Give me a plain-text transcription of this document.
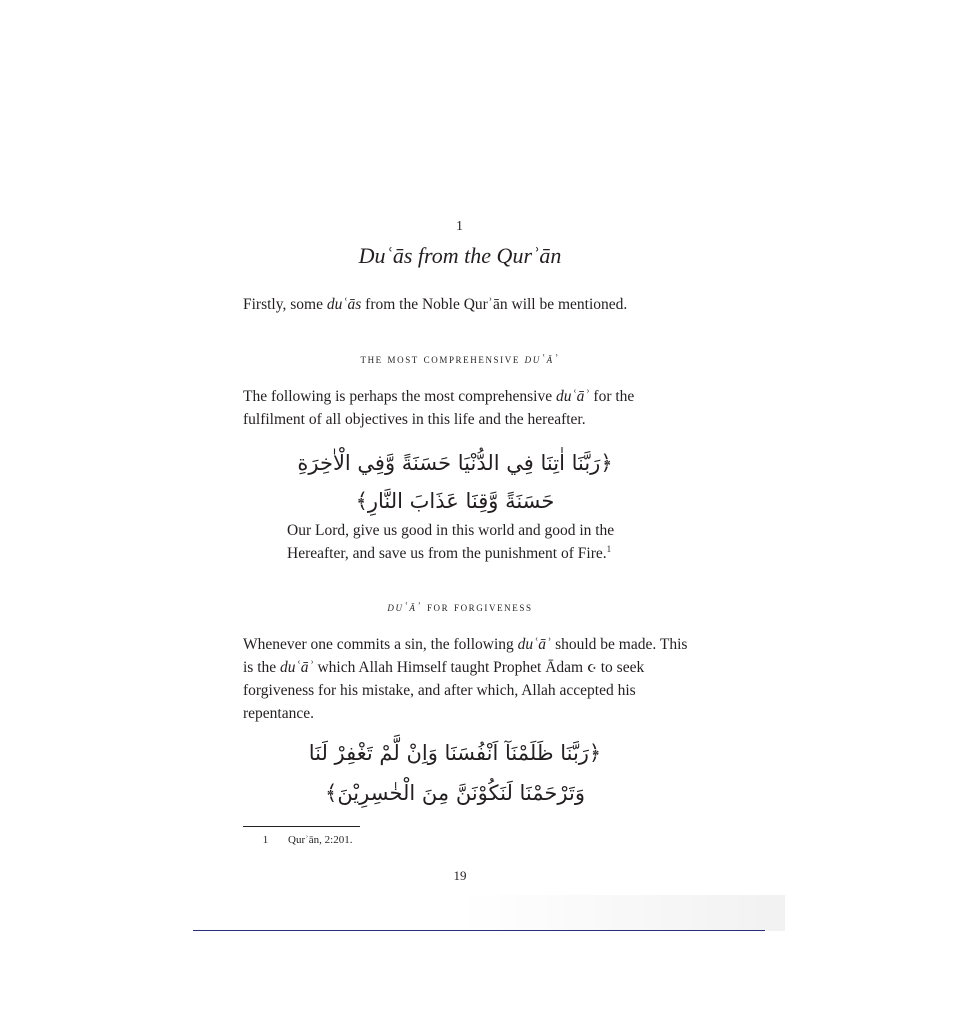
1
Duʿās from the Qurʾān

Firstly, some duʿās from the Noble Qurʾān will be mentioned.

the most comprehensive duʿāʾ

The following is perhaps the most comprehensive duʿāʾ for the fulfilment of all objectives in this life and the hereafter.

﴿رَبَّنَا اٰتِنَا فِي الدُّنْيَا حَسَنَةً وَّفِي الْاٰخِرَةِ
حَسَنَةً وَّقِنَا عَذَابَ النَّارِ﴾

Our Lord, give us good in this world and good in the Hereafter, and save us from the punishment of Fire.$^1$

duʿāʾ for forgiveness

Whenever one commits a sin, the following duʿāʾ should be made. This is the duʿāʾ which Allah Himself taught Prophet Ādam ☪ to seek forgiveness for his mistake, and after which, Allah accepted his repentance.

﴿رَبَّنَا ظَلَمْنَآ اَنْفُسَنَا وَاِنْ لَّمْ تَغْفِرْ لَنَا
وَتَرْحَمْنَا لَنَكُوْنَنَّ مِنَ الْخٰسِرِيْنَ﴾
1 Qurʾān, 2:201.
19
